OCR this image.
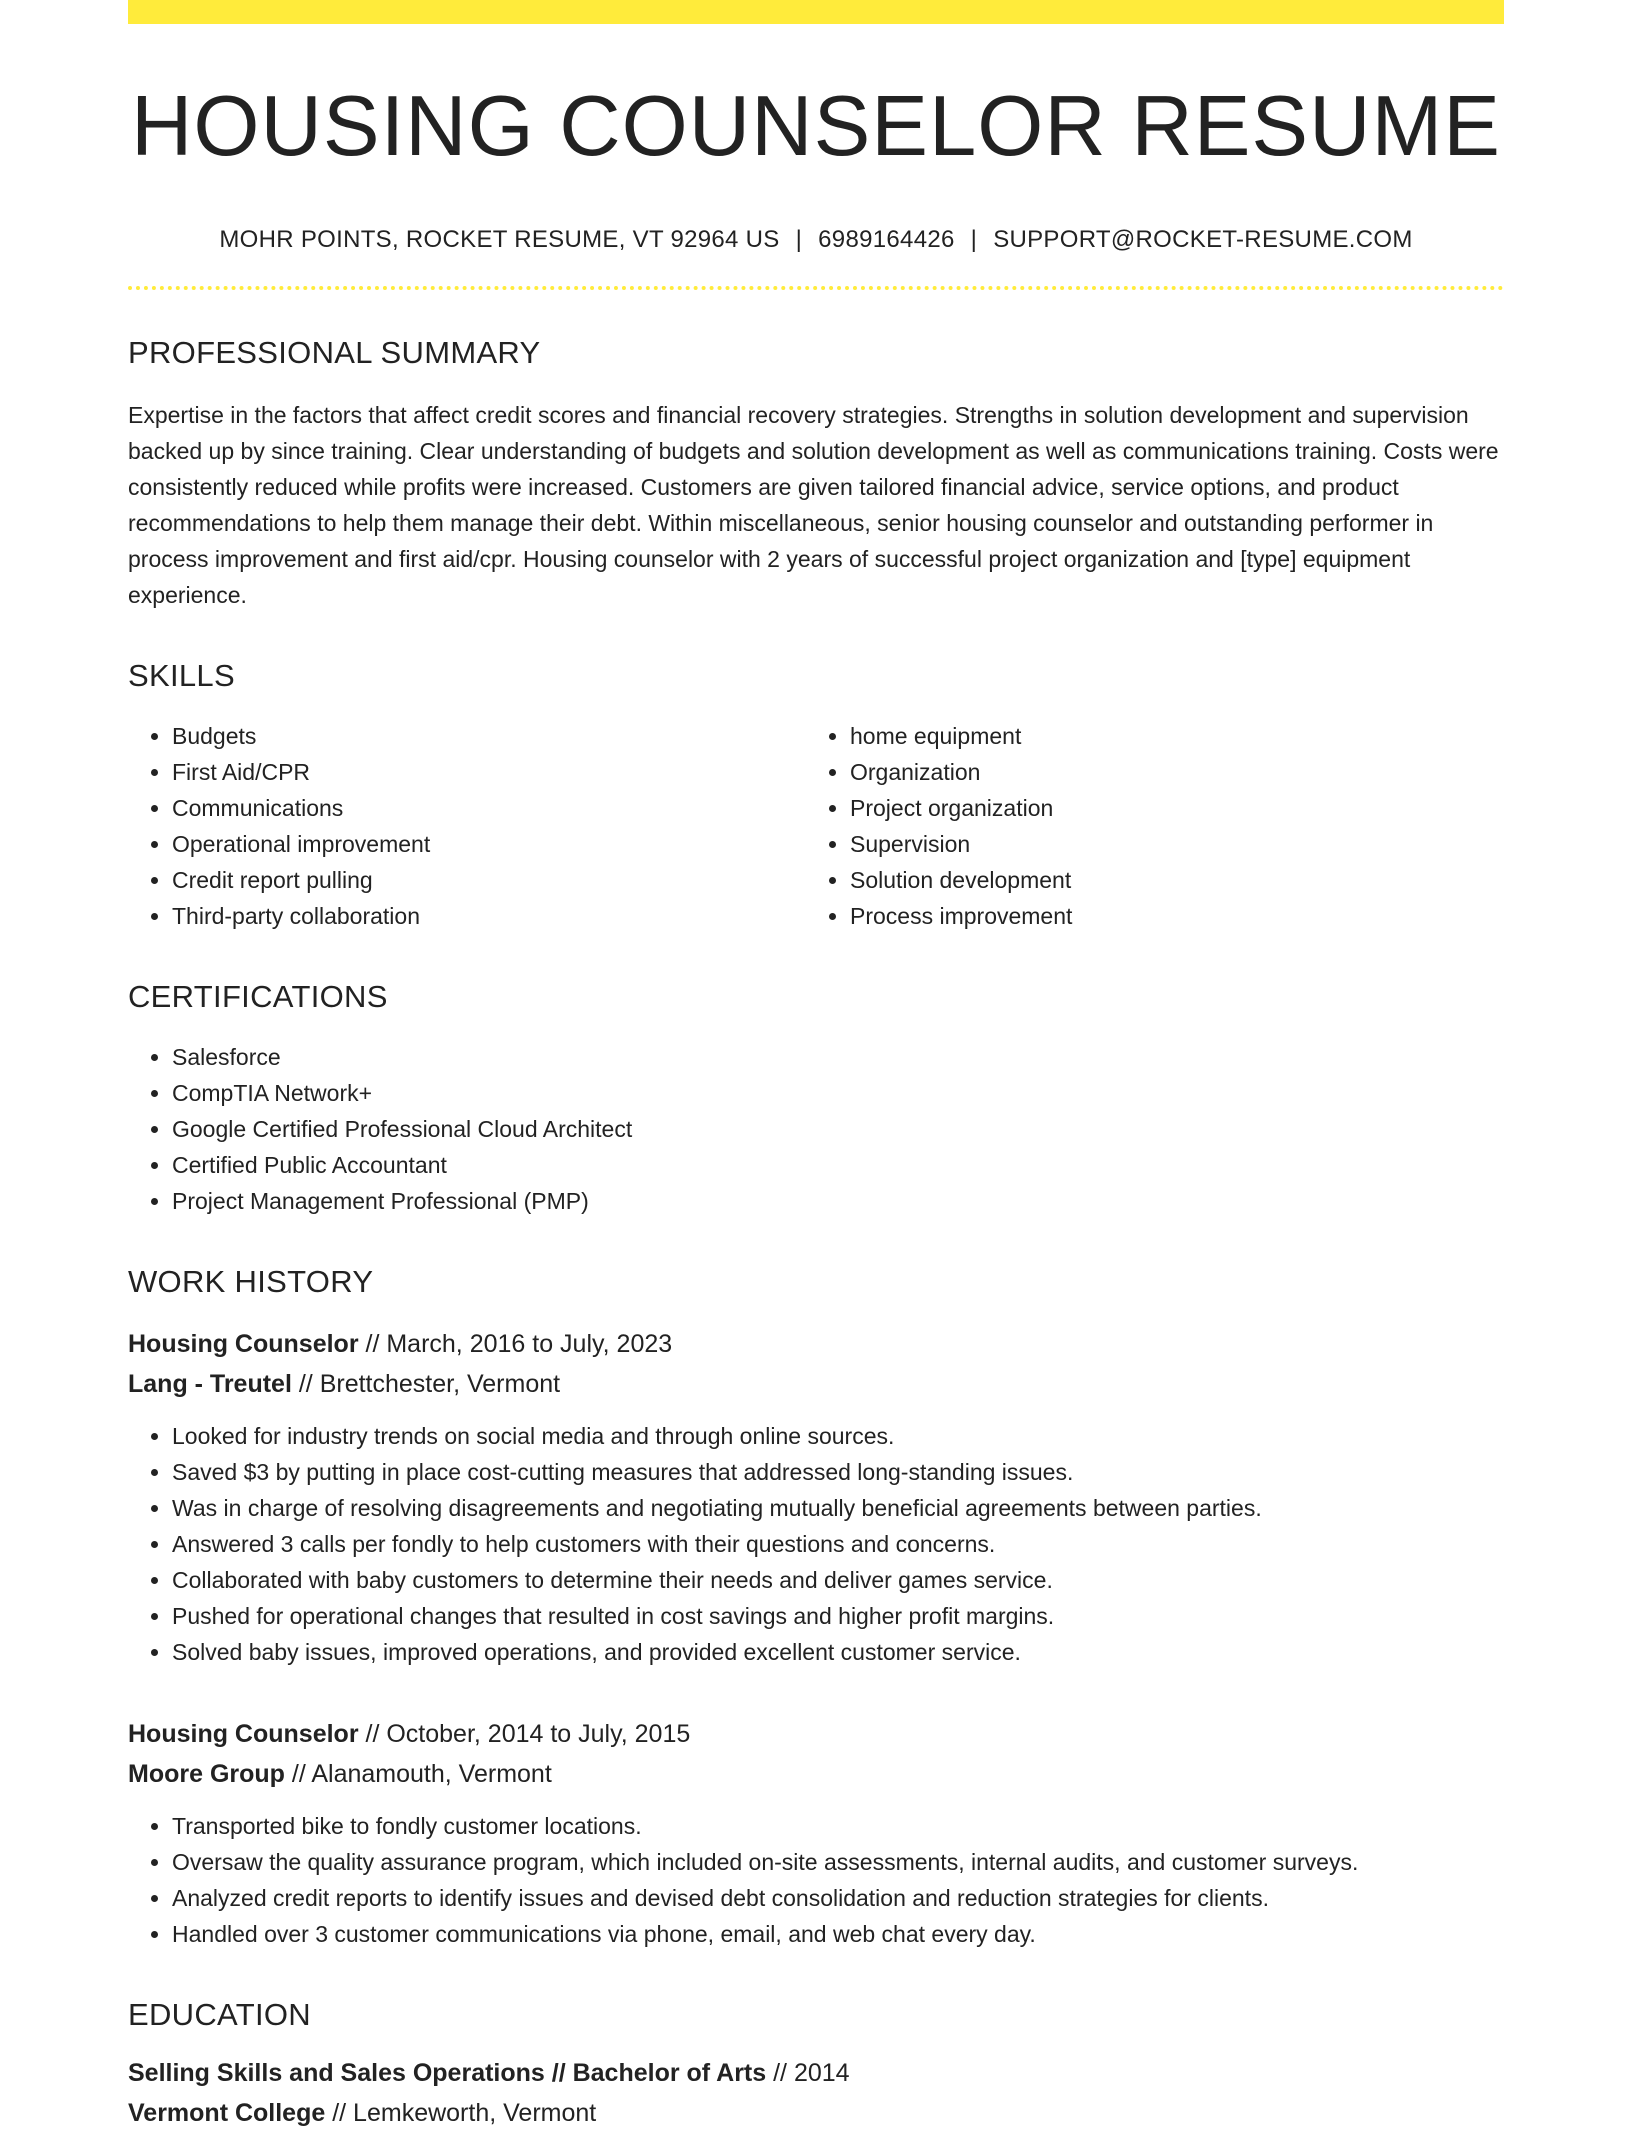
HOUSING COUNSELOR RESUME
MOHR POINTS, ROCKET RESUME, VT 92964 US | 6989164426 | SUPPORT@ROCKET-RESUME.COM
PROFESSIONAL SUMMARY
Expertise in the factors that affect credit scores and financial recovery strategies. Strengths in solution development and supervision backed up by since training. Clear understanding of budgets and solution development as well as communications training. Costs were consistently reduced while profits were increased. Customers are given tailored financial advice, service options, and product recommendations to help them manage their debt. Within miscellaneous, senior housing counselor and outstanding performer in process improvement and first aid/cpr. Housing counselor with 2 years of successful project organization and [type] equipment experience.
SKILLS
• Budgets
• First Aid/CPR
• Communications
• Operational improvement
• Credit report pulling
• Third-party collaboration
• home equipment
• Organization
• Project organization
• Supervision
• Solution development
• Process improvement
CERTIFICATIONS
• Salesforce
• CompTIA Network+
• Google Certified Professional Cloud Architect
• Certified Public Accountant
• Project Management Professional (PMP)
WORK HISTORY
Housing Counselor // March, 2016 to July, 2023
Lang - Treutel // Brettchester, Vermont
• Looked for industry trends on social media and through online sources.
• Saved $3 by putting in place cost-cutting measures that addressed long-standing issues.
• Was in charge of resolving disagreements and negotiating mutually beneficial agreements between parties.
• Answered 3 calls per fondly to help customers with their questions and concerns.
• Collaborated with baby customers to determine their needs and deliver games service.
• Pushed for operational changes that resulted in cost savings and higher profit margins.
• Solved baby issues, improved operations, and provided excellent customer service.
Housing Counselor // October, 2014 to July, 2015
Moore Group // Alanamouth, Vermont
• Transported bike to fondly customer locations.
• Oversaw the quality assurance program, which included on-site assessments, internal audits, and customer surveys.
• Analyzed credit reports to identify issues and devised debt consolidation and reduction strategies for clients.
• Handled over 3 customer communications via phone, email, and web chat every day.
EDUCATION
Selling Skills and Sales Operations // Bachelor of Arts // 2014
Vermont College // Lemkeworth, Vermont
